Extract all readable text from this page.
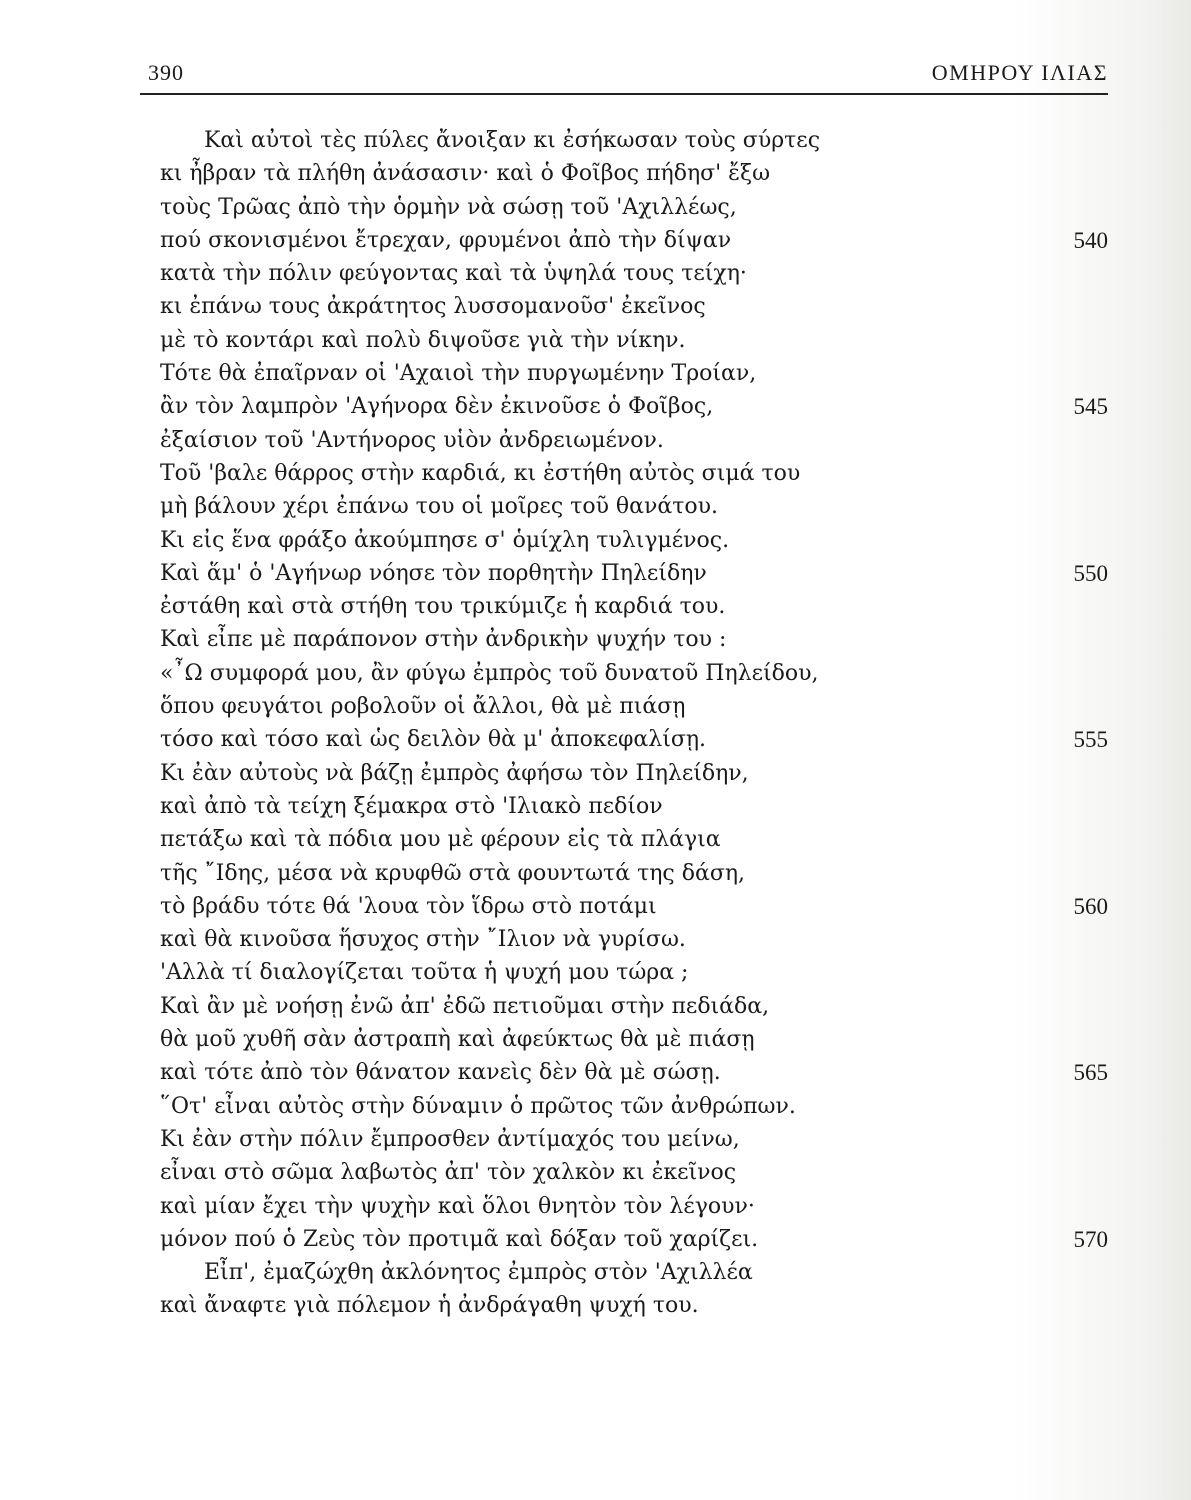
390	ΟΜΗΡΟΥ ΙΛΙΑΣ
Καὶ αὐτοὶ τὲς πύλες ἄνοιξαν κι ἐσήκωσαν τοὺς σύρτες
κι ἦβραν τὰ πλήθη ἀνάσασιν· καὶ ὁ Φοῖβος πήδησ' ἔξω
τοὺς Τρῶας ἀπὸ τὴν ὁρμὴν νὰ σώσῃ τοῦ 'Αχιλλέως,
πού σκονισμένοι ἔτρεχαν, φρυμένοι ἀπὸ τὴν δίψαν	540
κατὰ τὴν πόλιν φεύγοντας καὶ τὰ ὑψηλά τους τείχη·
κι ἐπάνω τους ἀκράτητος λυσσομανοῦσ' ἐκεῖνος
μὲ τὸ κοντάρι καὶ πολὺ διψοῦσε γιὰ τὴν νίκην.
Τότε θὰ ἐπαῖρναν οἱ 'Αχαιοὶ τὴν πυργωμένην Τροίαν,
ἂν τὸν λαμπρὸν 'Αγήνορα δὲν ἐκινοῦσε ὁ Φοῖβος,	545
ἐξαίσιον τοῦ 'Αντήνορος υἱὸν ἀνδρειωμένον.
Τοῦ 'βαλε θάρρος στὴν καρδιά, κι ἐστήθη αὐτὸς σιμά του
μὴ βάλουν χέρι ἐπάνω του οἱ μοῖρες τοῦ θανάτου.
Κι εἰς ἕνα φράξο ἀκούμπησε σ' ὁμίχλη τυλιγμένος.
Καὶ ἅμ' ὁ 'Αγήνωρ νόησε τὸν πορθητὴν Πηλείδην	550
ἐστάθη καὶ στὰ στήθη του τρικύμιζε ἡ καρδιά του.
Καὶ εἶπε μὲ παράπονον στὴν ἀνδρικὴν ψυχήν του :
«῏Ω συμφορά μου, ἂν φύγω ἐμπρὸς τοῦ δυνατοῦ Πηλείδου,
ὅπου φευγάτοι ροβολοῦν οἱ ἄλλοι, θὰ μὲ πιάσῃ
τόσο καὶ τόσο καὶ ὡς δειλὸν θὰ μ' ἀποκεφαλίσῃ.	555
Κι ἐὰν αὐτοὺς νὰ βάζῃ ἐμπρὸς ἀφήσω τὸν Πηλείδην,
καὶ ἀπὸ τὰ τείχη ξέμακρα στὸ 'Ιλιακὸ πεδίον
πετάξω καὶ τὰ πόδια μου μὲ φέρουν εἰς τὰ πλάγια
τῆς ῎Ιδης, μέσα νὰ κρυφθῶ στὰ φουντωτά της δάση,
τὸ βράδυ τότε θά 'λουα τὸν ἵδρω στὸ ποτάμι	560
καὶ θὰ κινοῦσα ἥσυχος στὴν ῎Ιλιον νὰ γυρίσω.
'Αλλὰ τί διαλογίζεται τοῦτα ἡ ψυχή μου τώρα ;
Καὶ ἂν μὲ νοήσῃ ἐνῶ ἀπ' ἐδῶ πετιοῦμαι στὴν πεδιάδα,
θὰ μοῦ χυθῆ σὰν ἀστραπὴ καὶ ἀφεύκτως θὰ μὲ πιάσῃ
καὶ τότε ἀπὸ τὸν θάνατον κανεὶς δὲν θὰ μὲ σώσῃ.	565
῞Οτ' εἶναι αὐτὸς στὴν δύναμιν ὁ πρῶτος τῶν ἀνθρώπων.
Κι ἐὰν στὴν πόλιν ἔμπροσθεν ἀντίμαχός του μείνω,
εἶναι στὸ σῶμα λαβωτὸς ἀπ' τὸν χαλκὸν κι ἐκεῖνος
καὶ μίαν ἔχει τὴν ψυχὴν καὶ ὅλοι θνητὸν τὸν λέγουν·
μόνον πού ὁ Ζεὺς τὸν προτιμᾶ καὶ δόξαν τοῦ χαρίζει.	570
Εἶπ', ἐμαζώχθη ἀκλόνητος ἐμπρὸς στὸν 'Αχιλλέα
καὶ ἄναφτε γιὰ πόλεμον ἡ ἀνδράγαθη ψυχή του.
